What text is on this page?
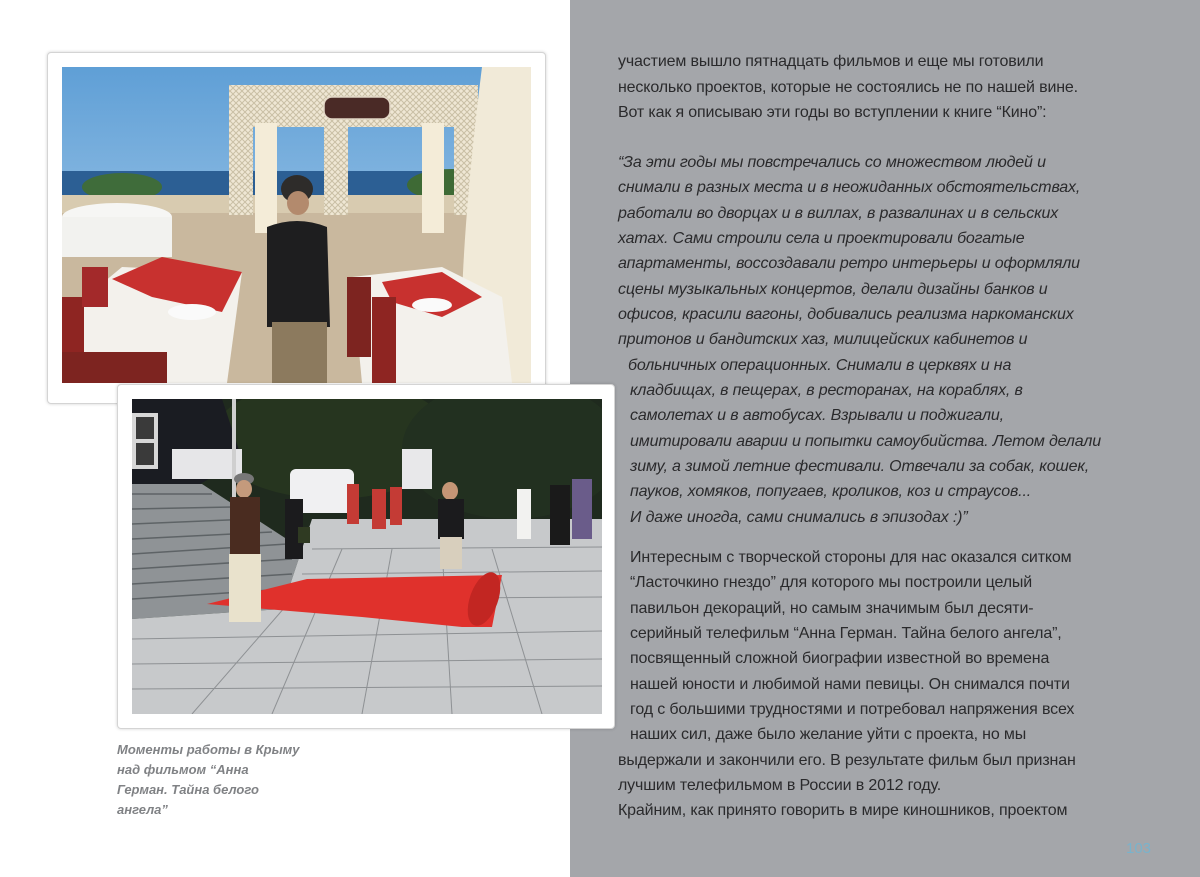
Моменты работы в Крыму
над фильмом “Анна
Герман. Тайна белого
ангела”
участием вышло пятнадцать фильмов и еще мы готовили
несколько проектов, которые не состоялись не по нашей вине.
Вот как я описываю эти годы во вступлении к книге “Кино”:
“За эти годы мы повстречались со множеством людей и
снимали в разных места и в неожиданных обстоятельствах,
работали во дворцах и в виллах, в развалинах и в сельских
хатах. Сами строили села и проектировали богатые
апартаменты, воссоздавали ретро интерьеры и оформляли
сцены музыкальных концертов, делали дизайны банков и
офисов, красили вагоны, добивались реализма наркоманских
притонов и бандитских хаз, милицейских кабинетов и
больничных операционных. Снимали в церквях и на
кладбищах, в пещерах, в ресторанах, на кораблях, в
самолетах и в автобусах. Взрывали и поджигали,
имитировали аварии и попытки самоубийства. Летом делали
зиму, а зимой летние фестивали. Отвечали за собак, кошек,
пауков, хомяков, попугаев, кроликов, коз и страусов...
И даже иногда, сами снимались в эпизодах :)”
Интересным с творческой стороны для нас оказался ситком
“Ласточкино гнездо” для которого мы построили целый
павильон декораций, но самым значимым был десяти-
серийный телефильм “Анна Герман. Тайна белого ангела”,
посвященный сложной биографии известной во времена
нашей юности и любимой нами певицы. Он снимался почти
год с большими трудностями и потребовал напряжения всех
наших сил, даже было желание уйти с проекта, но мы
выдержали и закончили его. В результате фильм был признан
лучшим телефильмом в России в 2012 году.
Крайним, как принято говорить в мире киношников, проектом
103
